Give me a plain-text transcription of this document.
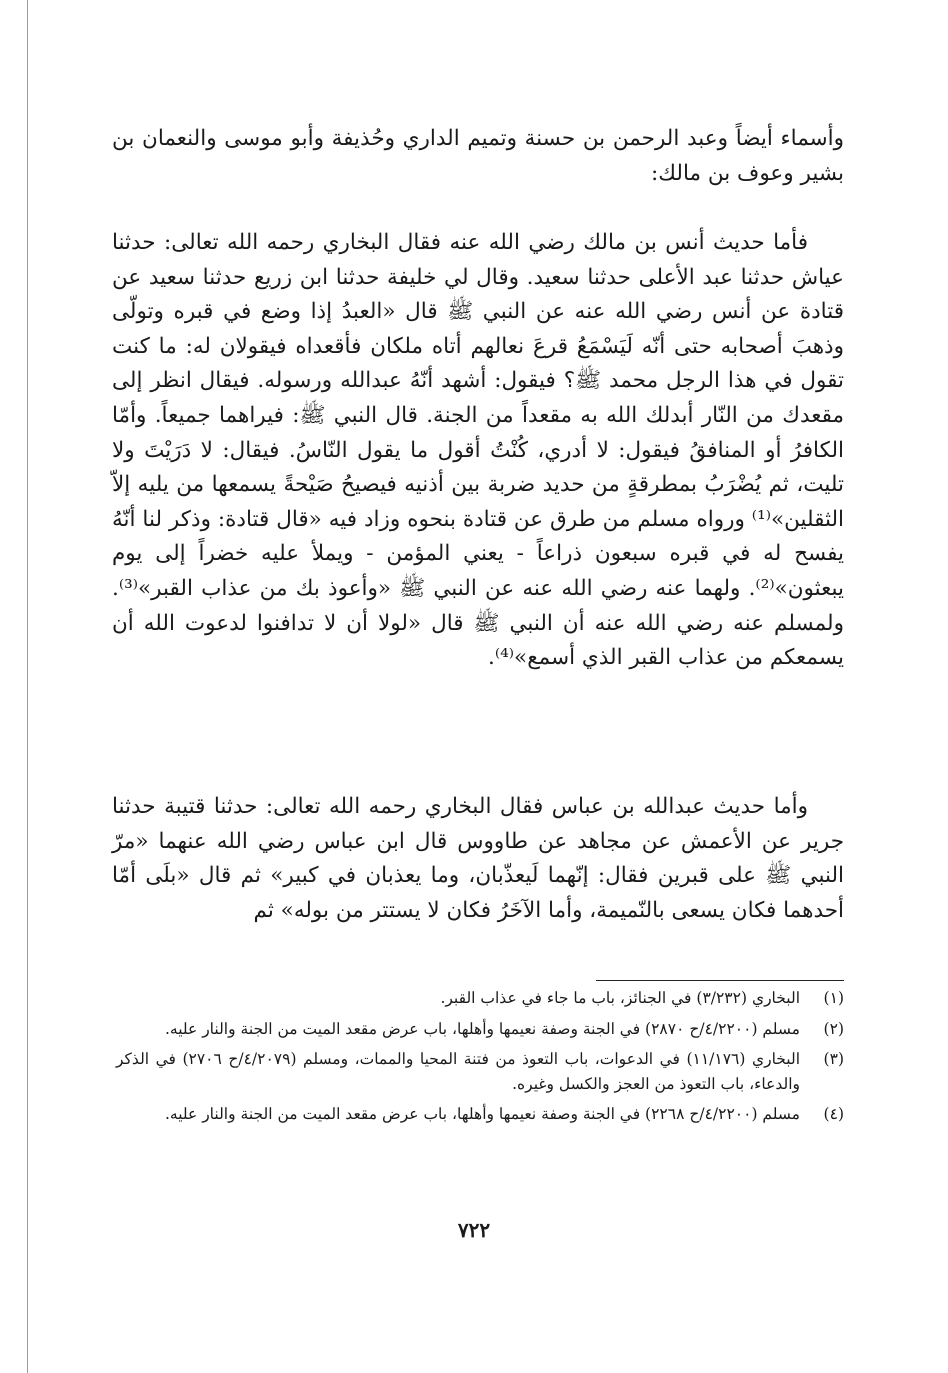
وأسماء أيضاً وعبد الرحمن بن حسنة وتميم الداري وحُذيفة وأبو موسى والنعمان بن بشير وعوف بن مالك:

فأما حديث أنس بن مالك رضي الله عنه فقال البخاري رحمه الله تعالى: حدثنا عياش حدثنا عبد الأعلى حدثنا سعيد. وقال لي خليفة حدثنا ابن زريع حدثنا سعيد عن قتادة عن أنس رضي الله عنه عن النبي ﷺ قال «العبدُ إذا وضع في قبره وتولّى وذهبَ أصحابه حتى أنّه لَيَسْمَعُ قرعَ نعالهم أتاه ملكان فأقعداه فيقولان له: ما كنت تقول في هذا الرجل محمد ﷺ؟ فيقول: أشهد أنّهُ عبدالله ورسوله. فيقال انظر إلى مقعدك من النّار أبدلك الله به مقعداً من الجنة. قال النبي ﷺ: فيراهما جميعاً. وأمّا الكافرُ أو المنافقُ فيقول: لا أدري، كُنْتُ أقول ما يقول النّاسُ. فيقال: لا دَرَيْتَ ولا تليت، ثم يُضْرَبُ بمطرقةٍ من حديد ضربة بين أذنيه فيصيحُ صَيْحةً يسمعها من يليه إلاّ الثقلين»⁽¹⁾ ورواه مسلم من طرق عن قتادة بنحوه وزاد فيه «قال قتادة: وذكر لنا أنّهُ يفسح له في قبره سبعون ذراعاً - يعني المؤمن - ويملأ عليه خضراً إلى يوم يبعثون»⁽²⁾. ولهما عنه رضي الله عنه عن النبي ﷺ «وأعوذ بك من عذاب القبر»⁽³⁾. ولمسلم عنه رضي الله عنه أن النبي ﷺ قال «لولا أن لا تدافنوا لدعوت الله أن يسمعكم من عذاب القبر الذي أسمع»⁽⁴⁾.

وأما حديث عبدالله بن عباس فقال البخاري رحمه الله تعالى: حدثنا قتيبة حدثنا جرير عن الأعمش عن مجاهد عن طاووس قال ابن عباس رضي الله عنهما «مرّ النبي ﷺ على قبرين فقال: إنّهما لَيعذّبان، وما يعذبان في كبير» ثم قال «بلَى أمّا أحدهما فكان يسعى بالنّميمة، وأما الآخَرُ فكان لا يستتر من بوله» ثم

(١)
البخاري (٣/٢٣٢) في الجنائز، باب ما جاء في عذاب القبر.
(٢)
مسلم (٤/٢٢٠٠/ح ٢٨٧٠) في الجنة وصفة نعيمها وأهلها، باب عرض مقعد الميت من الجنة والنار عليه.
(٣)
البخاري (١١/١٧٦) في الدعوات، باب التعوذ من فتنة المحيا والممات، ومسلم (٤/٢٠٧٩/ح ٢٧٠٦) في الذكر والدعاء، باب التعوذ من العجز والكسل وغيره.
(٤)
مسلم (٤/٢٢٠٠/ح ٢٢٦٨) في الجنة وصفة نعيمها وأهلها، باب عرض مقعد الميت من الجنة والنار عليه.
٧٢٢
